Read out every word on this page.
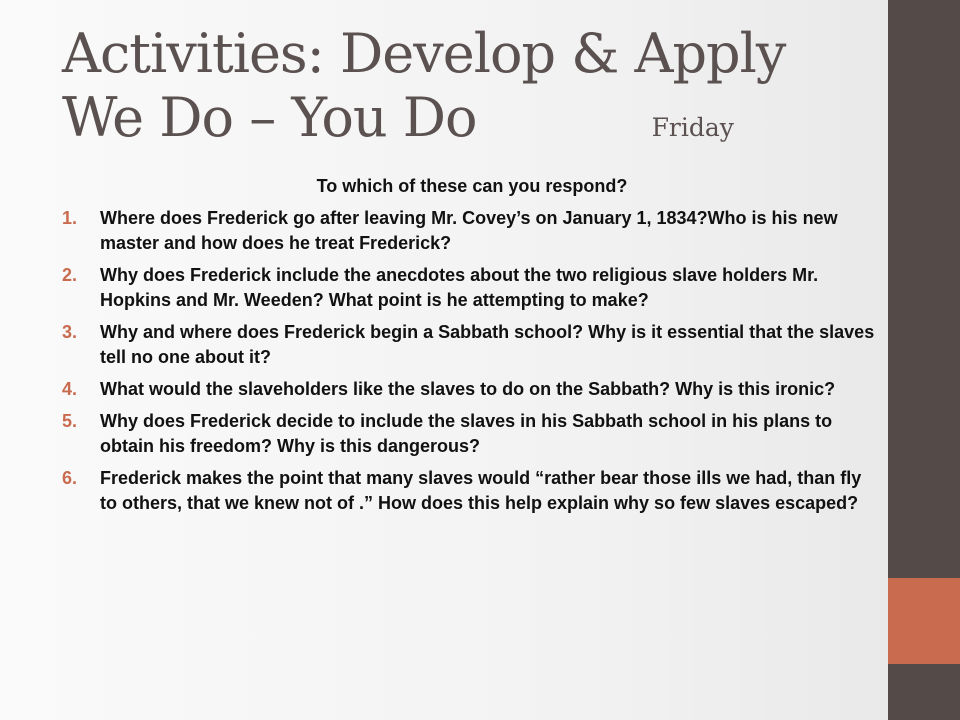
Activities: Develop & Apply
We Do – You Do	Friday

To which of these can you respond?

1. Where does Frederick go after leaving Mr. Covey’s on January 1, 1834?Who is his new master and how does he treat Frederick?
2. Why does Frederick include the anecdotes about the two religious slave holders Mr. Hopkins and Mr. Weeden? What point is he attempting to make?
3. Why and where does Frederick begin a Sabbath school? Why is it essential that the slaves tell no one about it?
4. What would the slaveholders like the slaves to do on the Sabbath? Why is this ironic?
5. Why does Frederick decide to include the slaves in his Sabbath school in his plans to obtain his freedom? Why is this dangerous?
6. Frederick makes the point that many slaves would “rather bear those ills we had, than fly to others, that we knew not of .” How does this help explain why so few slaves escaped?
